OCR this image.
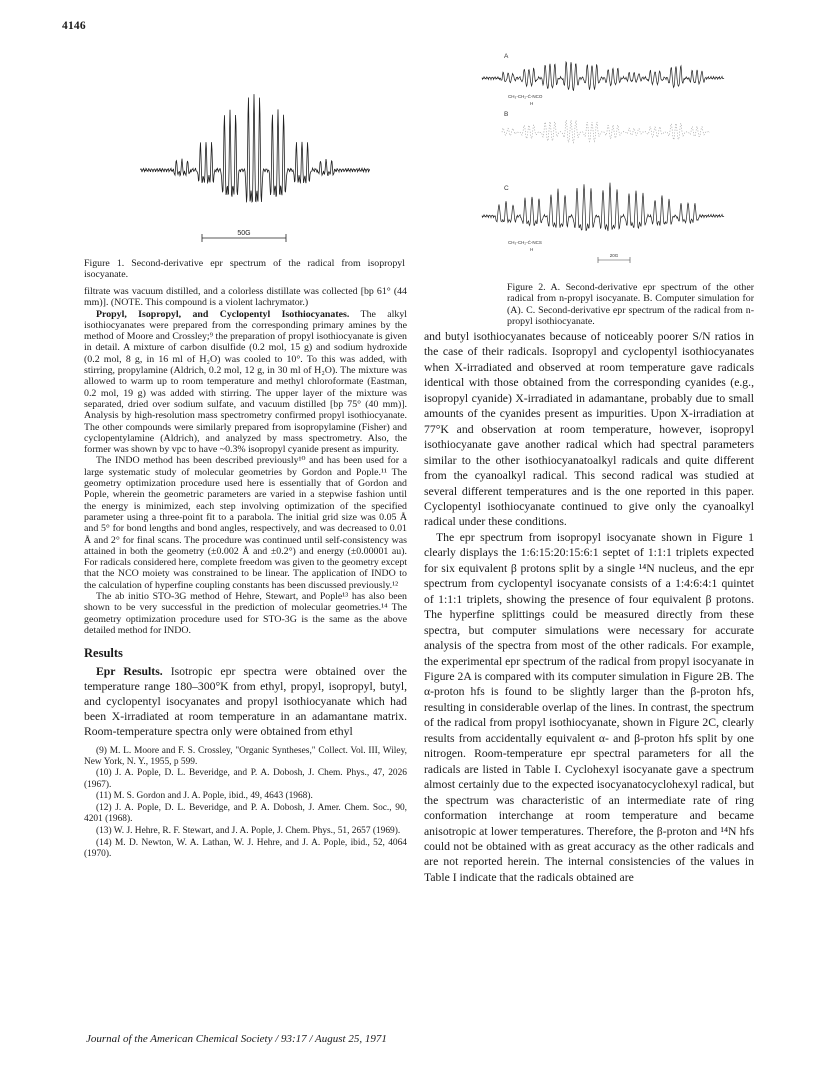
4146
50G
Figure 1. Second-derivative epr spectrum of the radical from isopropyl isocyanate.
A
CH₃-CH₂-Ċ-NCO
H
B
C
CH₃-CH₂-Ċ-NCS
H
20G
Figure 2. A. Second-derivative epr spectrum of the other radical from n-propyl isocyanate. B. Computer simulation for (A). C. Second-derivative epr spectrum of the radical from n-propyl isothiocyanate.

filtrate was vacuum distilled, and a colorless distillate was collected [bp 61° (44 mm)]. (NOTE. This compound is a violent lachrymator.)

Propyl, Isopropyl, and Cyclopentyl Isothiocyanates. The alkyl isothiocyanates were prepared from the corresponding primary amines by the method of Moore and Crossley;⁹ the preparation of propyl isothiocyanate is given in detail. A mixture of carbon disulfide (0.2 mol, 15 g) and sodium hydroxide (0.2 mol, 8 g, in 16 ml of H₂O) was cooled to 10°. To this was added, with stirring, propylamine (Aldrich, 0.2 mol, 12 g, in 30 ml of H₂O). The mixture was allowed to warm up to room temperature and methyl chloroformate (Eastman, 0.2 mol, 19 g) was added with stirring. The upper layer of the mixture was separated, dried over sodium sulfate, and vacuum distilled [bp 75° (40 mm)]. Analysis by high-resolution mass spectrometry confirmed propyl isothiocyanate. The other compounds were similarly prepared from isopropylamine (Fisher) and cyclopentylamine (Aldrich), and analyzed by mass spectrometry. Also, the former was shown by vpc to have ~0.3% isopropyl cyanide present as impurity.

The INDO method has been described previously¹⁰ and has been used for a large systematic study of molecular geometries by Gordon and Pople.¹¹ The geometry optimization procedure used here is essentially that of Gordon and Pople, wherein the geometric parameters are varied in a stepwise fashion until the energy is minimized, each step involving optimization of the specified parameter using a three-point fit to a parabola. The initial grid size was 0.05 Å and 5° for bond lengths and bond angles, respectively, and was decreased to 0.01 Å and 2° for final scans. The procedure was continued until self-consistency was attained in both the geometry (±0.002 Å and ±0.2°) and energy (±0.00001 au). For radicals considered here, complete freedom was given to the geometry except that the NCO moiety was constrained to be linear. The application of INDO to the calculation of hyperfine coupling constants has been discussed previously.¹²

The ab initio STO-3G method of Hehre, Stewart, and Pople¹³ has also been shown to be very successful in the prediction of molecular geometries.¹⁴ The geometry optimization procedure used for STO-3G is the same as the above detailed method for INDO.

Results

Epr Results. Isotropic epr spectra were obtained over the temperature range 180–300°K from ethyl, propyl, isopropyl, butyl, and cyclopentyl isocyanates and propyl isothiocyanate which had been X-irradiated at room temperature in an adamantane matrix. Room-temperature spectra only were obtained from ethyl

(9) M. L. Moore and F. S. Crossley, "Organic Syntheses," Collect. Vol. III, Wiley, New York, N. Y., 1955, p 599.

(10) J. A. Pople, D. L. Beveridge, and P. A. Dobosh, J. Chem. Phys., 47, 2026 (1967).

(11) M. S. Gordon and J. A. Pople, ibid., 49, 4643 (1968).

(12) J. A. Pople, D. L. Beveridge, and P. A. Dobosh, J. Amer. Chem. Soc., 90, 4201 (1968).

(13) W. J. Hehre, R. F. Stewart, and J. A. Pople, J. Chem. Phys., 51, 2657 (1969).

(14) M. D. Newton, W. A. Lathan, W. J. Hehre, and J. A. Pople, ibid., 52, 4064 (1970).

and butyl isothiocyanates because of noticeably poorer S/N ratios in the case of their radicals. Isopropyl and cyclopentyl isothiocyanates when X-irradiated and observed at room temperature gave radicals identical with those obtained from the corresponding cyanides (e.g., isopropyl cyanide) X-irradiated in adamantane, probably due to small amounts of the cyanides present as impurities. Upon X-irradiation at 77°K and observation at room temperature, however, isopropyl isothiocyanate gave another radical which had spectral parameters similar to the other isothiocyanatoalkyl radicals and quite different from the cyanoalkyl radical. This second radical was studied at several different temperatures and is the one reported in this paper. Cyclopentyl isothiocyanate continued to give only the cyanoalkyl radical under these conditions.

The epr spectrum from isopropyl isocyanate shown in Figure 1 clearly displays the 1:6:15:20:15:6:1 septet of 1:1:1 triplets expected for six equivalent β protons split by a single ¹⁴N nucleus, and the epr spectrum from cyclopentyl isocyanate consists of a 1:4:6:4:1 quintet of 1:1:1 triplets, showing the presence of four equivalent β protons. The hyperfine splittings could be measured directly from these spectra, but computer simulations were necessary for accurate analysis of the spectra from most of the other radicals. For example, the experimental epr spectrum of the radical from propyl isocyanate in Figure 2A is compared with its computer simulation in Figure 2B. The α-proton hfs is found to be slightly larger than the β-proton hfs, resulting in considerable overlap of the lines. In contrast, the spectrum of the radical from propyl isothiocyanate, shown in Figure 2C, clearly results from accidentally equivalent α- and β-proton hfs split by one nitrogen. Room-temperature epr spectral parameters for all the radicals are listed in Table I. Cyclohexyl isocyanate gave a spectrum almost certainly due to the expected isocyanatocyclohexyl radical, but the spectrum was characteristic of an intermediate rate of ring conformation interchange at room temperature and became anisotropic at lower temperatures. Therefore, the β-proton and ¹⁴N hfs could not be obtained with as great accuracy as the other radicals and are not reported herein. The internal consistencies of the values in Table I indicate that the radicals obtained are

Journal of the American Chemical Society / 93:17 / August 25, 1971
